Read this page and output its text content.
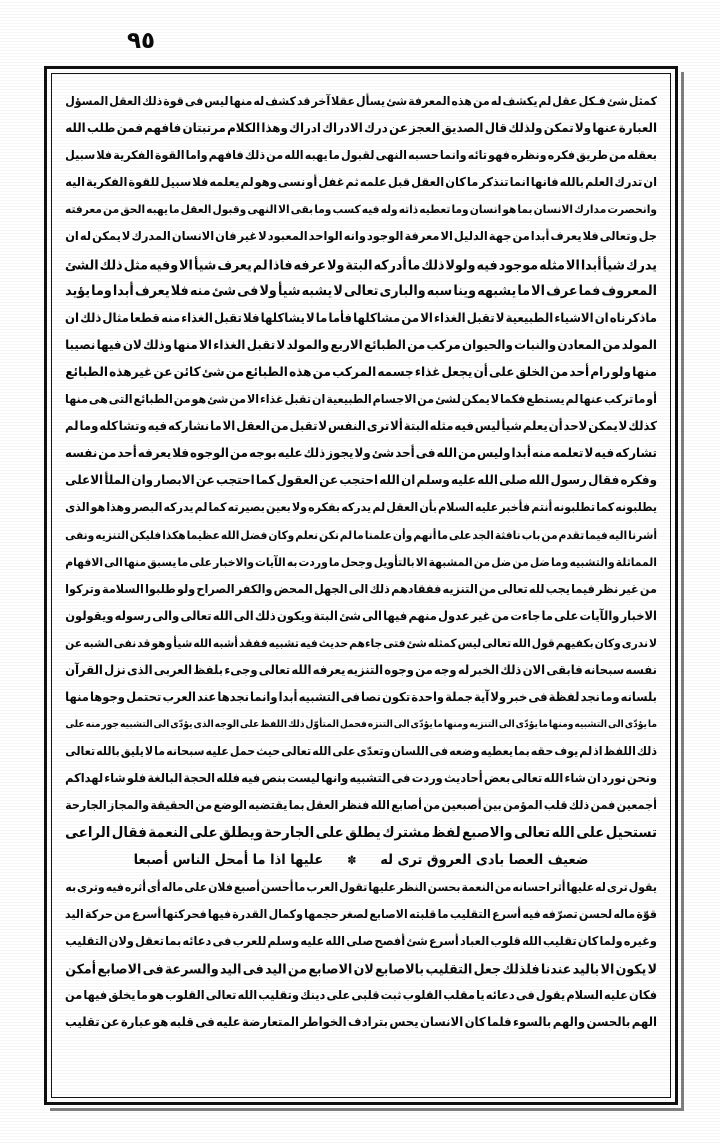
٩٥
كمثل
شئ
فـكل
عقل
لم
يكشف
له
من
هذه
المعرفة
شئ
يسأل
عقلا
آخر
قد
كشف
له
منها
ليس
فى
قوة
ذلك
العقل
المسؤل
العبارة
عنها
ولا
تمكن
ولذلك
قال
الصديق
العجز
عن
درك
الادراك
ادراك
وهذا
الكلام
مرتبتان
فافهم
فمن
طلب
الله
بعقله
من
طريق
فكره
ونظره
فهو
تائه
وانما
حسبه
النهى
لقبول
ما
يهبه
الله
من
ذلك
فافهم
واما
القوة
الفكرية
فلا
سبيل
ان
تدرك
العلم
بالله
فانها
انما
تنذكر
ما
كان
العقل
قبل
علمه
ثم
غفل
أو
نسى
وهو
لم
يعلمه
فلا
سبيل
للقوة
الفكرية
اليه
وانحصرت
مدارك
الانسان
بما
هو
انسان
وما
تعطيه
ذاته
وله
فيه
كسب
وما
بقى
الا
النهى
وقبول
العقل
ما
يهبه
الحق
من
معرفته
جل
وتعالى
فلا
يعرف
أبدا
من
جهة
الدليل
الا
معرفة
الوجود
وانه
الواحد
المعبود
لا
غير
فان
الانسان
المدرك
لا
يمكن
له
ان
يدرك
شيأ
أبدا
الا
مثله
موجود
فيه
ولولا
ذلك
ما
أدركه
البتة
ولا
عرفه
فاذا
لم
يعرف
شيأ
الا
وفيه
مثل
ذلك
الشئ
المعروف
فما
عرف
الا
ما
يشبهه
وينا
سبه
والبارى
تعالى
لا
يشبه
شيأ
ولا
فى
شئ
منه
فلا
يعرف
أبدا
وما
يؤيد
ماذكرناه
ان
الاشياء
الطبيعية
لا
تقبل
الغذاء
الا
من
مشاكلها
فأما
ما
لا
يشاكلها
فلا
تقبل
الغذاء
منه
قطعا
مثال
ذلك
ان
المولد
من
المعادن
والنبات
والحيوان
مركب
من
الطبائع
الاربع
والمولد
لا
تقبل
الغذاء
الا
منها
وذلك
لان
فيها
نصيبا
منها
ولو
رام
أحد
من
الخلق
على
أن
يجعل
غذاء
جسمه
المركب
من
هذه
الطبائع
من
شئ
كائن
عن
غيرهذه
الطبائع
أو
ما
تركب
عنها
لم
يستطع
فكما
لا
يمكن
لشئ
من
الاجسام
الطبيعية
ان
تقبل
غذاء
الا
من
شئ
هو
من
الطبائع
التى
هى
منها
كذلك
لا
يمكن
لاحد
أن
يعلم
شيأ
ليس
فيه
مثله
البتة
ألا
ترى
النفس
لا
تقبل
من
العقل
الا
ما
نشاركه
فيه
وتشا
كله
وما
لم
تشاركه
فيه
لا
تعلمه
منه
أبدا
وليس
من
الله
فى
أحد
شئ
ولا
يجوز
ذلك
عليه
بوجه
من
الوجوه
فلا
يعرفه
أحد
من
نفسه
وفكره
فقال
رسول
الله
صلى
الله
عليه
وسلم
ان
الله
احتجب
عن
العقول
كما
احتجب
عن
الابصار
وان
الملأ
الاعلى
يطلبونه
كما
تطلبونه
أنتم
فأخبر
عليه
السلام
بأن
العقل
لم
يدركه
بفكره
ولا
بعين
بصيرته
كما
لم
يدركه
البصر
وهذا
هو
الذى
أشرنا
اليه
فيما
تقدم
من
باب
نافثة
الجد
على
ما
أنهم
وأن
علمنا
ما
لم
نكن
نعلم
وكان
فضل
الله
عظيما
هكذا
فليكن
التنزيه
ونفى
المماثلة
والتشبيه
وما
ضل
من
ضل
من
المشبهة
الا
بالتأويل
وجحل
ما
وردت
به
الآيات
والاخبار
على
ما
يسبق
منها
الى
الافهام
من
غير
نظر
فيما
يجب
لله
تعالى
من
التنزيه
ففقادهم
ذلك
الى
الجهل
المحض
والكفر
الصراح
ولو
طلبوا
السلامة
وتركوا
الاخبار
والآيات
على
ما
جاءت
من
غير
عدول
منهم
فيها
الى
شئ
البتة
ويكون
ذلك
الى
الله
تعالى
والى
رسوله
ويقولون
لا
ندرى
وكان
بكفيهم
قول
الله
تعالى
ليس
كمثله
شئ
فتى
جاءهم
حديث
فيه
تشبيه
ففقد
أشبه
الله
شيأ
وهو
قد
نفى
الشبه
عن
نفسه
سبحانه
فابقى
الان
ذلك
الخبر
له
وجه
من
وجوه
التنزيه
يعرفه
الله
تعالى
وجىء
بلفظ
العربى
الذى
نزل
القرآن
بلسانه
وما
نجد
لفظة
فى
خبر
ولا
آية
جملة
واحدة
تكون
نصا
فى
التشبيه
أبدا
وانما
نجدها
عند
العرب
تحتمل
وجوها
منها
ما
يؤدّى
الى
التشبيه
ومنها
ما
يؤدّى
الى
التنزيه
ومنها
ما
يؤدّى
الى
التنزه
فحمل
المتأوّل
ذلك
اللفظ
على
الوجه
الذى
يؤدّى
الى
التشبيه
جور
منه
على
ذلك
اللفظ
اذ
لم
يوف
حقه
بما
يعطيه
وضعه
فى
اللسان
وتعدّى
على
الله
تعالى
حيث
حمل
عليه
سبحانه
ما
لا
يليق
بالله
تعالى
ونحن
نورد
ان
شاء
الله
تعالى
بعض
أحاديث
وردت
فى
التشبيه
وانها
ليست
بنص
فيه
فلله
الحجة
البالغة
فلو
شاء
لهداكم
أجمعين
فمن
ذلك
قلب
المؤمن
بين
أصبعين
من
أصابع
الله
فنظر
العقل
بما
يقتضيه
الوضع
من
الحقيقة
والمجاز
الجارحة
تستحيل
على
الله
تعالى
والاصبع
لفظ
مشترك
يطلق
على
الجارحة
ويطلق
على
النعمة
فقال
الراعى
ضعيف العصا بادى العروق ترى له
✽
عليها اذا ما أمحل الناس أصبعا
يقول
ترى
له
عليها
أثر
احسانه
من
النعمة
بحسن
النظر
عليها
تقول
العرب
ما
أحسن
أصبع
فلان
على
ماله
أى
أثره
فيه
وترى
به
قوّة
ماله
لحسن
تصرّفه
فيه
أسرع
التقليب
ما
قلبته
الاصابع
لصغر
حجمها
وكمال
القدرة
فيها
فحركتها
أسرع
من
حركة
اليد
وغيره
ولما
كان
تقليب
الله
قلوب
العباد
أسرع
شئ
أفصح
صلى
الله
عليه
وسلم
للعرب
فى
دعائه
بما
تعقل
ولان
التقليب
لا
يكون
الا
باليد
عندنا
فلذلك
جعل
التقليب
بالاصابع
لان
الاصابع
من
اليد
فى
اليد
والسرعة
فى
الاصابع
أمكن
فكان
عليه
السلام
يقول
فى
دعائه
يا
مقلب
القلوب
ثبت
قلبى
على
دينك
وتقليب
الله
تعالى
القلوب
هو
ما
يخلق
فيها
من
الهم
بالحسن
والهم
بالسوء
فلما
كان
الانسان
يحس
بترادف
الخواطر
المتعارضة
عليه
فى
قلبه
هو
عبارة
عن
تقليب
